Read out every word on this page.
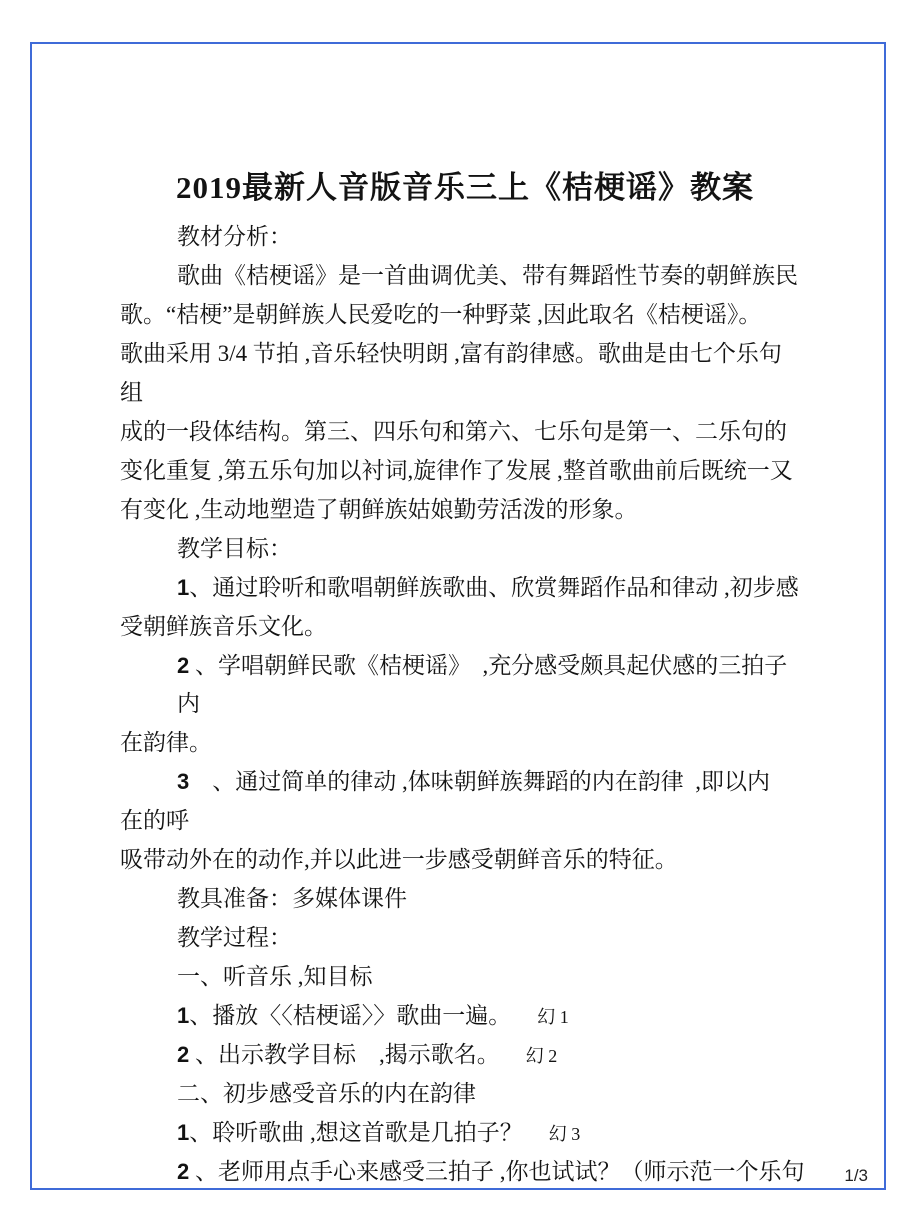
2019最新人音版音乐三上《桔梗谣》教案
教材分析：
歌曲《桔梗谣》是一首曲调优美、带有舞蹈性节奏的朝鲜族民
歌。“桔梗”是朝鲜族人民爱吃的一种野菜 ,因此取名《桔梗谣》。
歌曲采用 3/4 节拍 ,音乐轻快明朗 ,富有韵律感。歌曲是由七个乐句
组
成的一段体结构。第三、四乐句和第六、七乐句是第一、二乐句的
变化重复 ,第五乐句加以衬词,旋律作了发展 ,整首歌曲前后既统一又
有变化 ,生动地塑造了朝鲜族姑娘勤劳活泼的形象。
教学目标：
1、通过聆听和歌唱朝鲜族歌曲、欣赏舞蹈作品和律动 ,初步感
受朝鲜族音乐文化。
2 、学唱朝鲜民歌《桔梗谣》  ,充分感受颇具起伏感的三拍子内
在韵律。
3    、通过简单的律动 ,体味朝鲜族舞蹈的内在韵律  ,即以内
在的呼
吸带动外在的动作,并以此进一步感受朝鲜音乐的特征。
教具准备：多媒体课件
教学过程：
一、听音乐 ,知目标
1、播放〈〈桔梗谣〉〉歌曲一遍。 幻 1
2 、出示教学目标    ,揭示歌名。 幻 2
二、初步感受音乐的内在韵律
1、聆听歌曲 ,想这首歌是几拍子？ 幻 3
2 、老师用点手心来感受三拍子 ,你也试试？（师示范一个乐句	1/3
